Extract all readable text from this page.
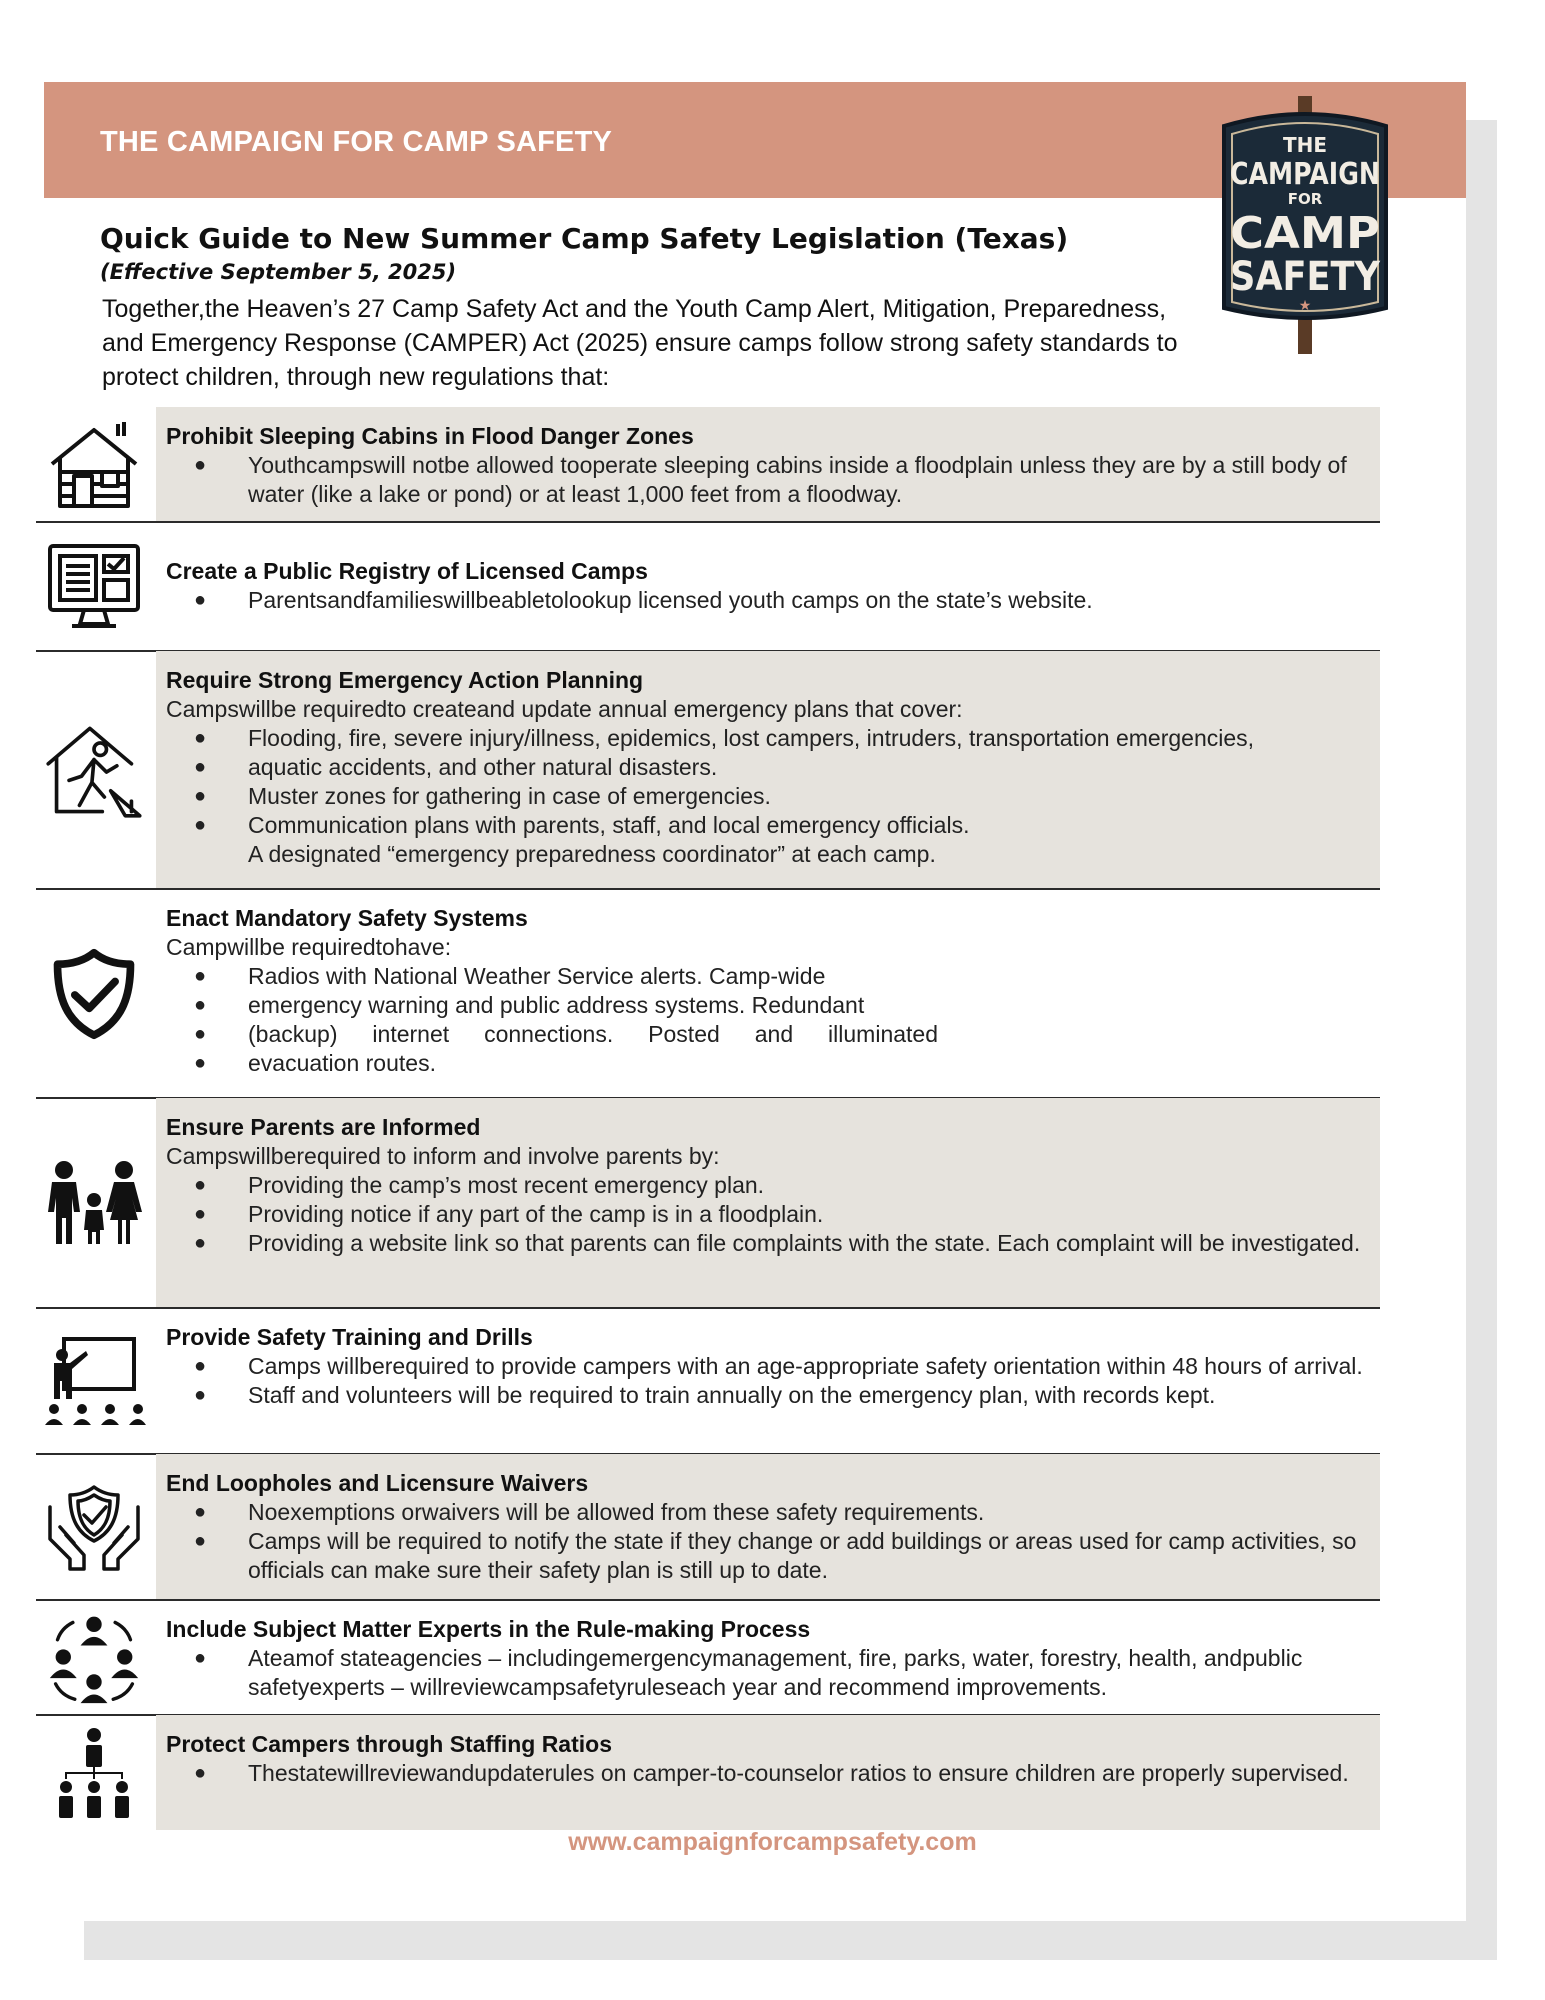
THE CAMPAIGN FOR CAMP SAFETY	THE
CAMPAIGN
FOR
CAMP
SAFETY
★
Quick Guide to New Summer Camp Safety Legislation (Texas)
(Effective September 5, 2025)

Together,the Heaven’s 27 Camp Safety Act and the Youth Camp Alert, Mitigation, Preparedness, and Emergency Response (CAMPER) Act (2025) ensure camps follow strong safety standards to protect children, through new regulations that:

Prohibit Sleeping Cabins in Flood Danger Zones

● Youthcampswill notbe allowed tooperate sleeping cabins inside a floodplain unless they are by a still body of water (like a lake or pond) or at least 1,000 feet from a floodway.

Create a Public Registry of Licensed Camps

● Parentsandfamilieswillbeabletolookup licensed youth camps on the state’s website.

Require Strong Emergency Action Planning

Campswillbe requiredto createand update annual emergency plans that cover:

● Flooding, fire, severe injury/illness, epidemics, lost campers, intruders, transportation emergencies,
● aquatic accidents, and other natural disasters.
● Muster zones for gathering in case of emergencies.
● Communication plans with parents, staff, and local emergency officials.
A designated “emergency preparedness coordinator” at each camp.

Enact Mandatory Safety Systems

Campwillbe requiredtohave:

● Radios with National Weather Service alerts. Camp-wide
● emergency warning and public address systems. Redundant
● (backup) internet connections. Posted and illuminated
● evacuation routes.

Ensure Parents are Informed

Campswillberequired to inform and involve parents by:

● Providing the camp’s most recent emergency plan.
● Providing notice if any part of the camp is in a floodplain.
● Providing a website link so that parents can file complaints with the state. Each complaint will be investigated.

Provide Safety Training and Drills

● Camps willberequired to provide campers with an age-appropriate safety orientation within 48 hours of arrival.
● Staff and volunteers will be required to train annually on the emergency plan, with records kept.

End Loopholes and Licensure Waivers

● Noexemptions orwaivers will be allowed from these safety requirements.
● Camps will be required to notify the state if they change or add buildings or areas used for camp activities, so officials can make sure their safety plan is still up to date.

Include Subject Matter Experts in the Rule-making Process

● Ateamof stateagencies – includingemergencymanagement, fire, parks, water, forestry, health, andpublic safetyexperts – willreviewcampsafetyruleseach year and recommend improvements.

Protect Campers through Staffing Ratios

● Thestatewillreviewandupdaterules on camper-to-counselor ratios to ensure children are properly supervised.
www.campaignforcampsafety.com
